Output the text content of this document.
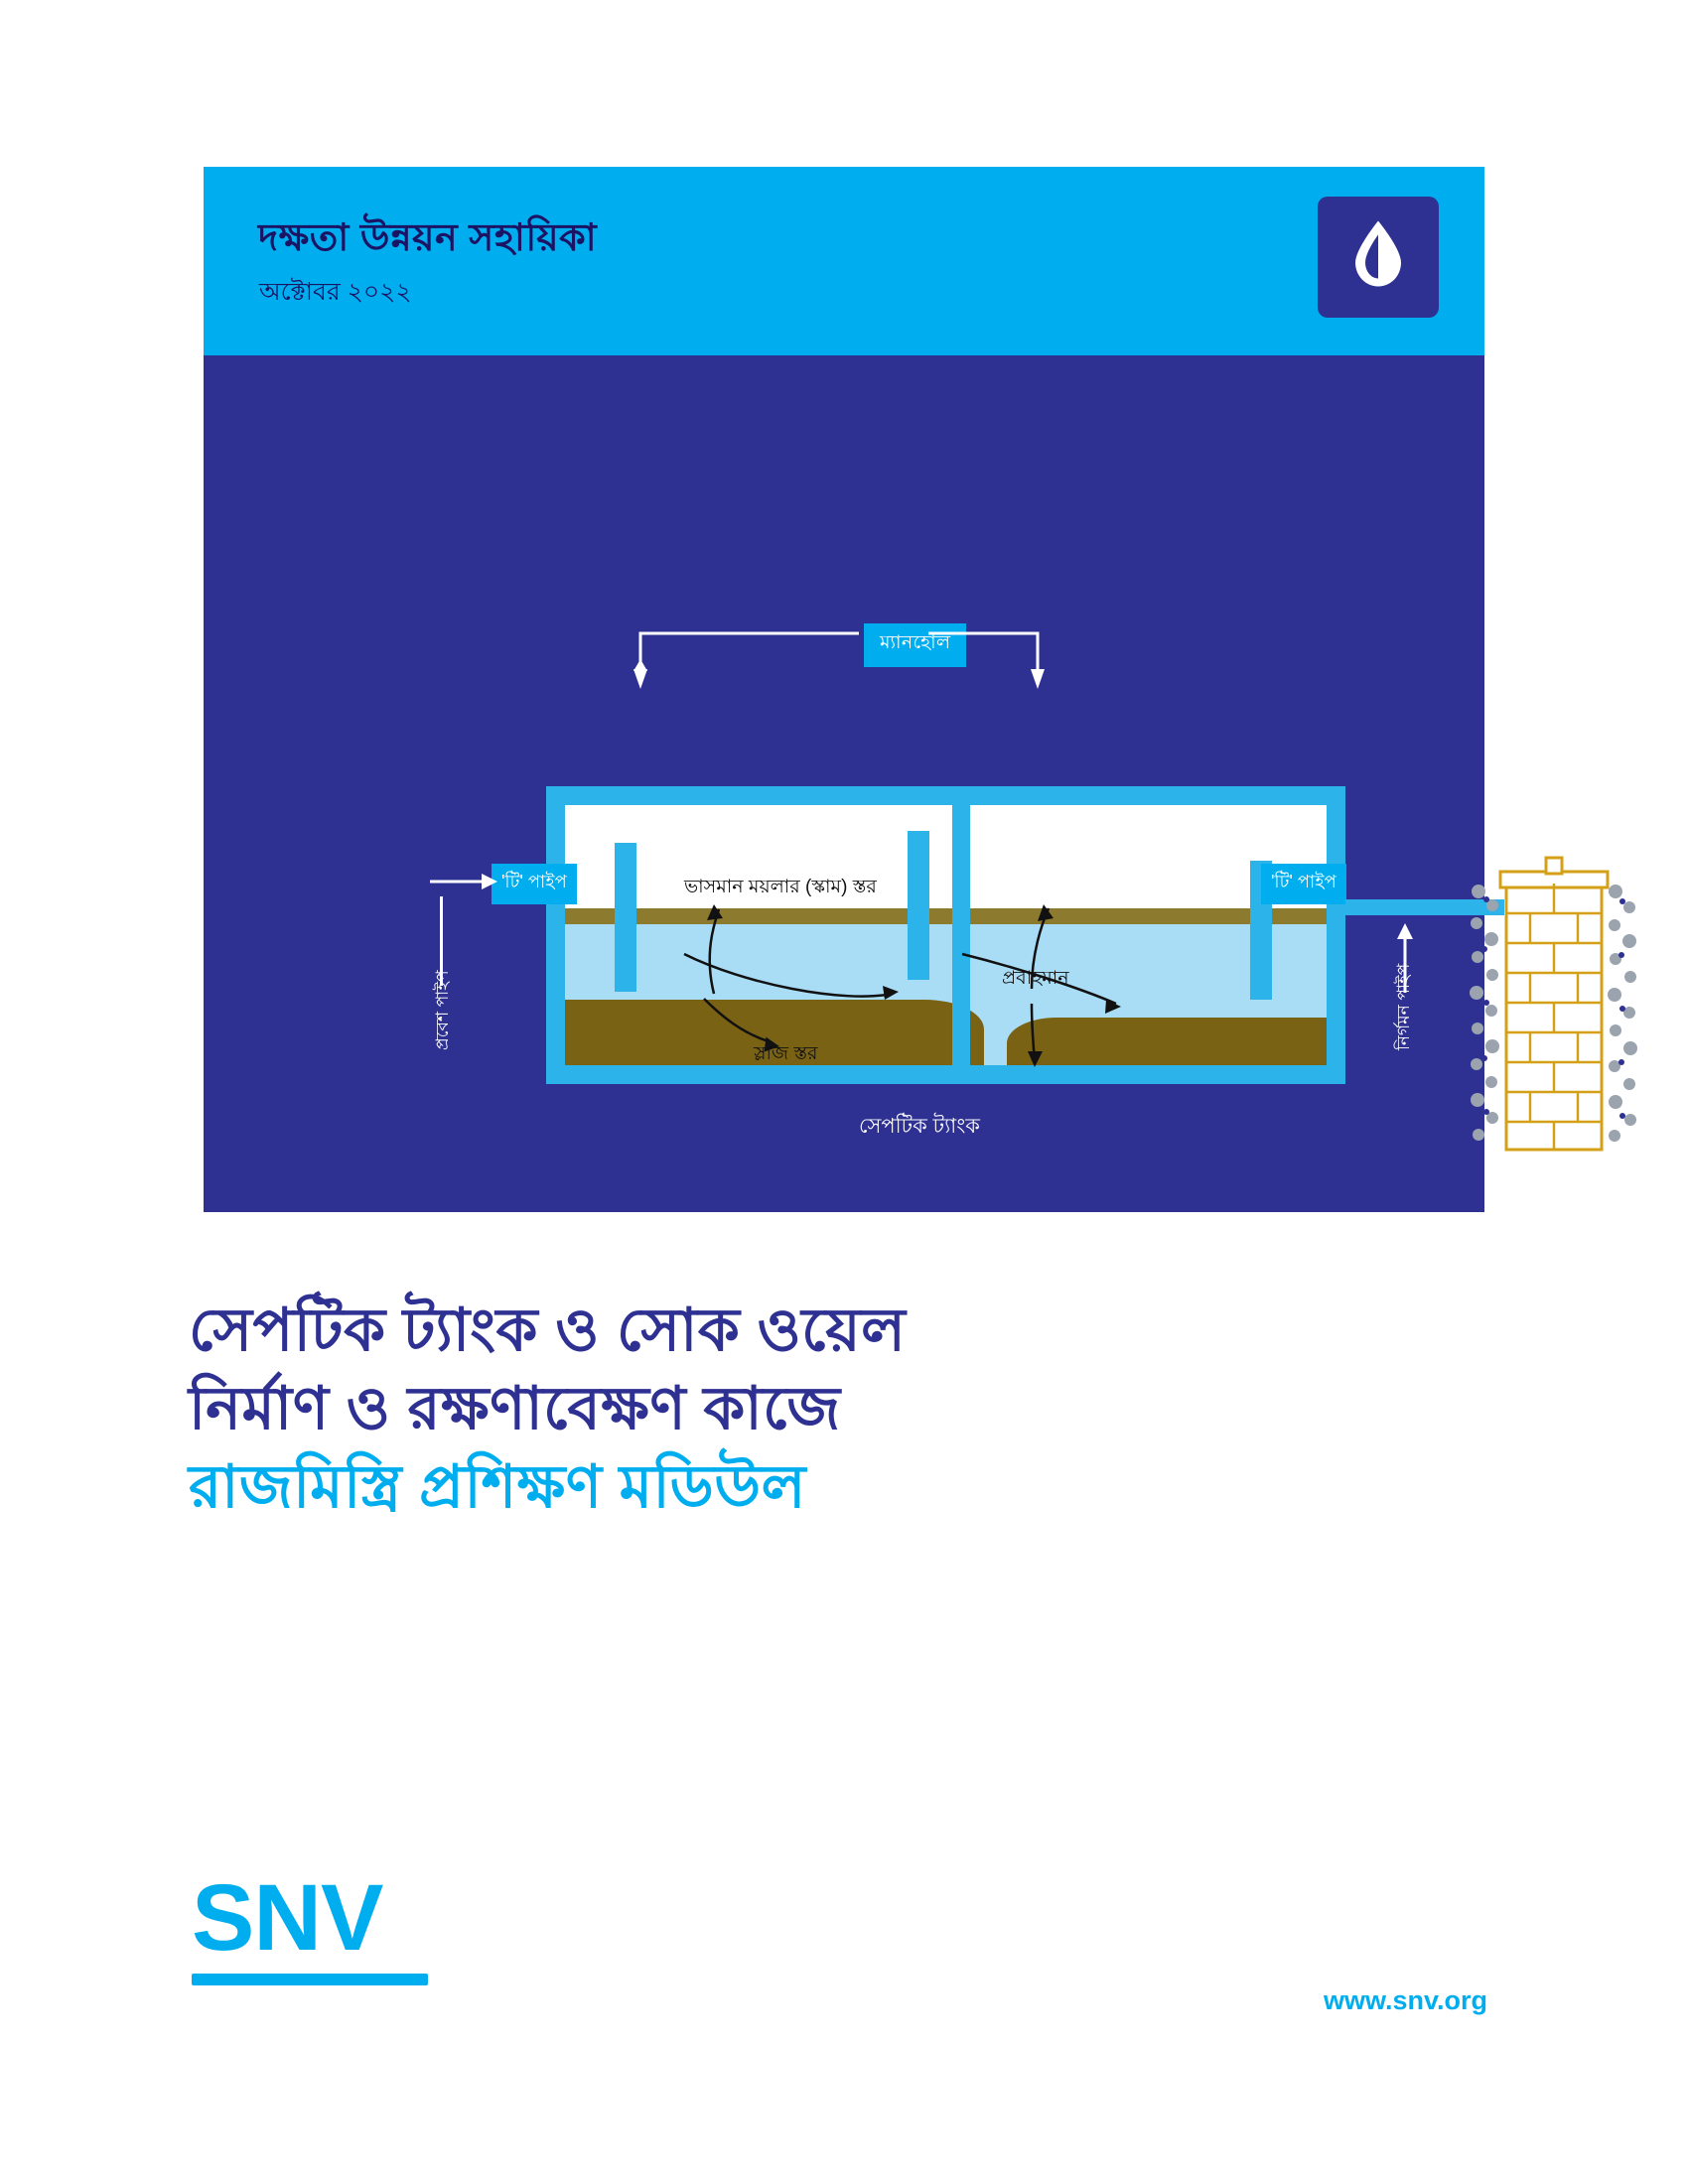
দক্ষতা উন্নয়ন সহায়িকা
অক্টোবর ২০২২
ম্যানহোল
ভাসমান ময়লার (স্কাম) স্তর
স্লাজ স্তর
প্রবাহমান
'টি' পাইপ
প্রবেশ পাইপ
'টি' পাইপ
নির্গমন পাইপ
সেপটিক ট্যাংক
সোক ওয়েল
সেপটিক ট্যাংক ও সোক ওয়েল
নির্মাণ ও রক্ষণাবেক্ষণ কাজে
রাজমিস্ত্রি প্রশিক্ষণ মডিউল
SNV
www.snv.org
